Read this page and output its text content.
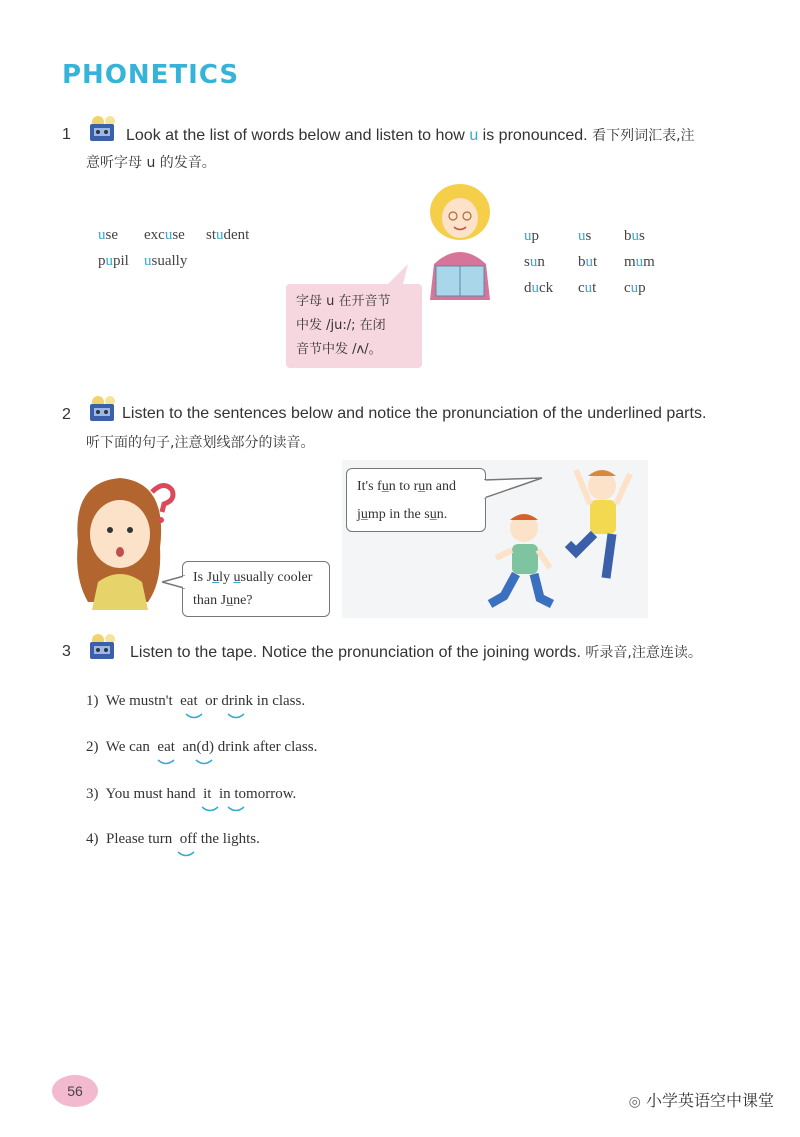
PHONETICS
1	Look at the list of words below and listen to how u is pronounced. 看下列词汇表,注
意听字母 u 的发音。
use excuse student
pupil usually
字母 u 在开音节
中发 /ju:/; 在闭
音节中发 /ʌ/。
up	us bus
sun but mum
duck cut cup
2	Listen to the sentences below and notice the pronunciation of the underlined parts.
听下面的句子,注意划线部分的读音。
Is July usually cooler
than June?
It's fun to run and
jump in the sun.
3	Listen to the tape. Notice the pronunciation of the joining words. 听录音,注意连读。
1) We mustn't  eat  or drink in class.
2) We can  eat  an(d) drink after class.
3) You must hand  it  in tomorrow.
4) Please turn  off the lights.
56
◎ 小学英语空中课堂
